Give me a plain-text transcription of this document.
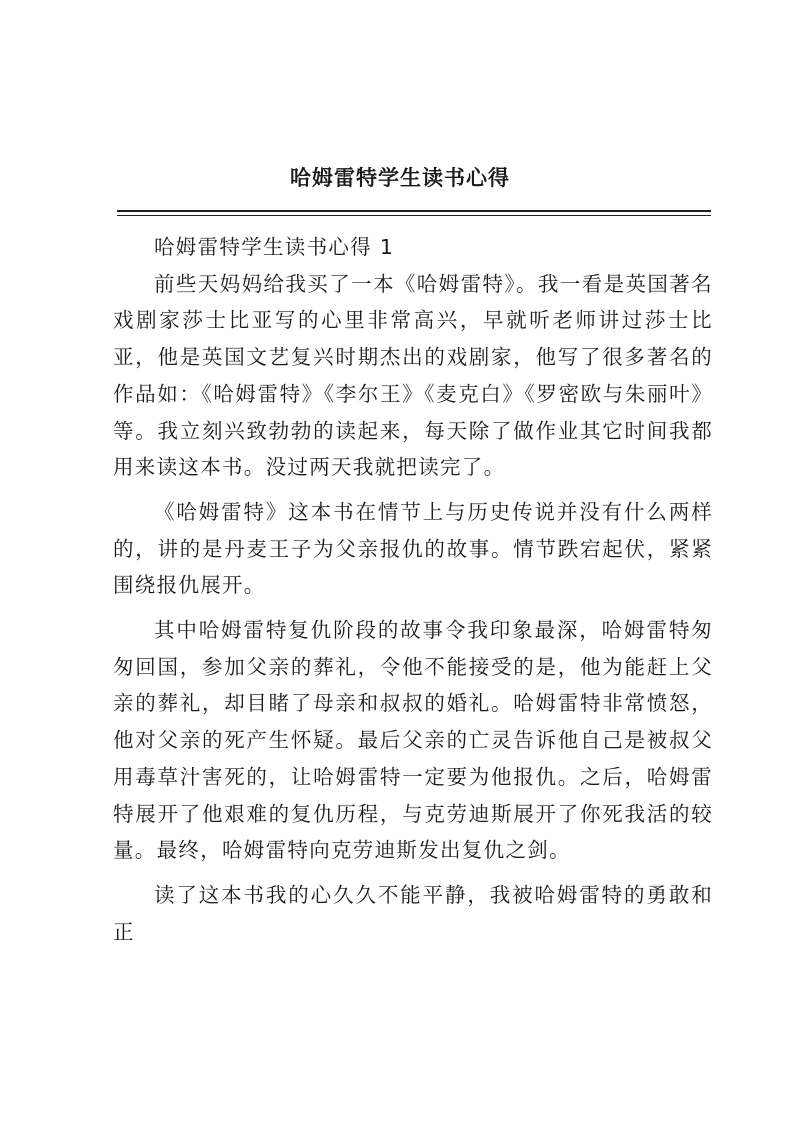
哈姆雷特学生读书心得

哈姆雷特学生读书心得 1

前些天妈妈给我买了一本《哈姆雷特》。我一看是英国著名戏剧家莎士比亚写的心里非常高兴，早就听老师讲过莎士比亚，他是英国文艺复兴时期杰出的戏剧家，他写了很多著名的作品如：《哈姆雷特》《李尔王》《麦克白》《罗密欧与朱丽叶》等。我立刻兴致勃勃的读起来，每天除了做作业其它时间我都用来读这本书。没过两天我就把读完了。

《哈姆雷特》这本书在情节上与历史传说并没有什么两样的，讲的是丹麦王子为父亲报仇的故事。情节跌宕起伏，紧紧围绕报仇展开。

其中哈姆雷特复仇阶段的故事令我印象最深，哈姆雷特匆匆回国，参加父亲的葬礼，令他不能接受的是，他为能赶上父亲的葬礼，却目睹了母亲和叔叔的婚礼。哈姆雷特非常愤怒，他对父亲的死产生怀疑。最后父亲的亡灵告诉他自己是被叔父用毒草汁害死的，让哈姆雷特一定要为他报仇。之后，哈姆雷特展开了他艰难的复仇历程，与克劳迪斯展开了你死我活的较量。最终，哈姆雷特向克劳迪斯发出复仇之剑。

读了这本书我的心久久不能平静，我被哈姆雷特的勇敢和正
